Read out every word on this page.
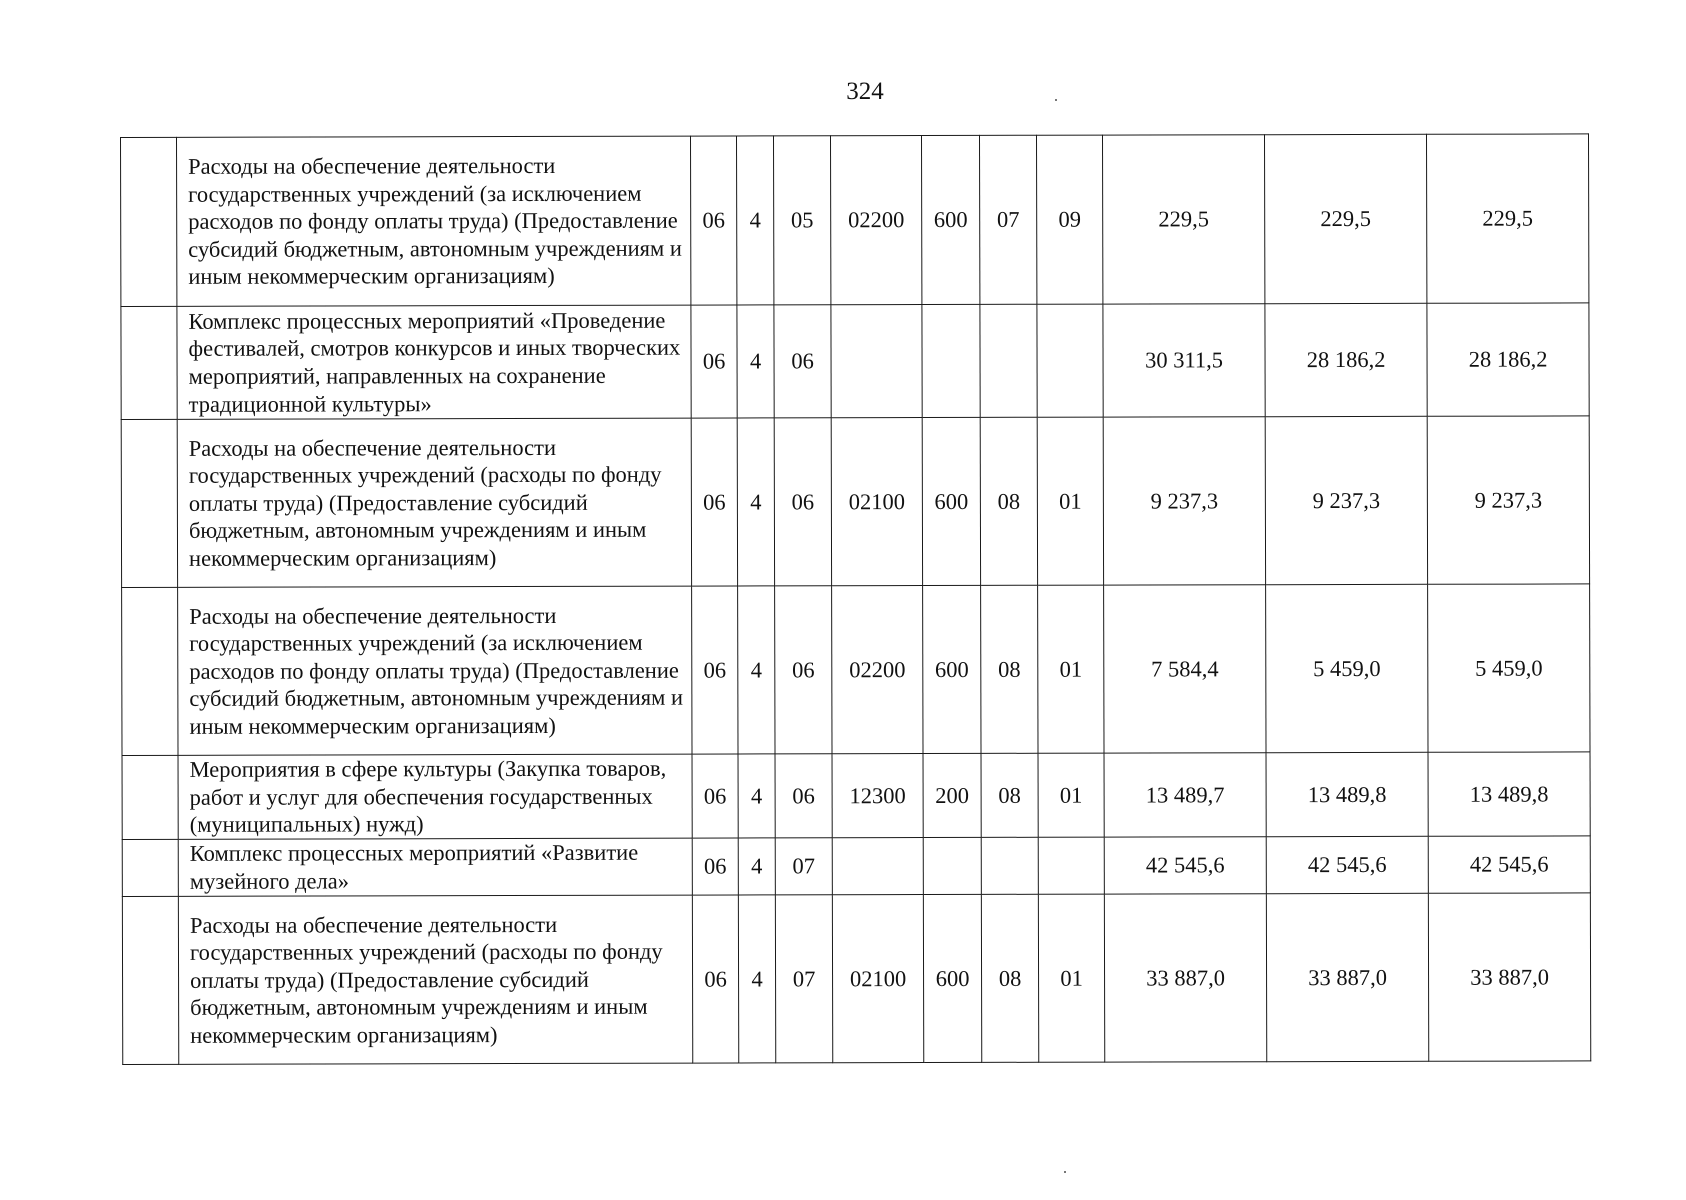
324
	Расходы на обеспечение деятельности государственных учреждений (за исключением расходов по фонду оплаты труда) (Предоставление субсидий бюджетным, автономным учреждениям и иным некоммерческим организациям)	06	4	05	02200	600	07	09	229,5	229,5	229,5
	Комплекс процессных мероприятий «Проведение фестивалей, смотров конкурсов и иных творческих мероприятий, направленных на сохранение традиционной культуры»	06	4	06					30 311,5	28 186,2	28 186,2
	Расходы на обеспечение деятельности государственных учреждений (расходы по фонду оплаты труда) (Предоставление субсидий бюджетным, автономным учреждениям и иным некоммерческим организациям)	06	4	06	02100	600	08	01	9 237,3	9 237,3	9 237,3
	Расходы на обеспечение деятельности государственных учреждений (за исключением расходов по фонду оплаты труда) (Предоставление субсидий бюджетным, автономным учреждениям и иным некоммерческим организациям)	06	4	06	02200	600	08	01	7 584,4	5 459,0	5 459,0
	Мероприятия в сфере культуры (Закупка товаров, работ и услуг для обеспечения государственных (муниципальных) нужд)	06	4	06	12300	200	08	01	13 489,7	13 489,8	13 489,8
	Комплекс процессных мероприятий «Развитие музейного дела»	06	4	07					42 545,6	42 545,6	42 545,6
	Расходы на обеспечение деятельности государственных учреждений (расходы по фонду оплаты труда) (Предоставление субсидий бюджетным, автономным учреждениям и иным некоммерческим организациям)	06	4	07	02100	600	08	01	33 887,0	33 887,0	33 887,0
